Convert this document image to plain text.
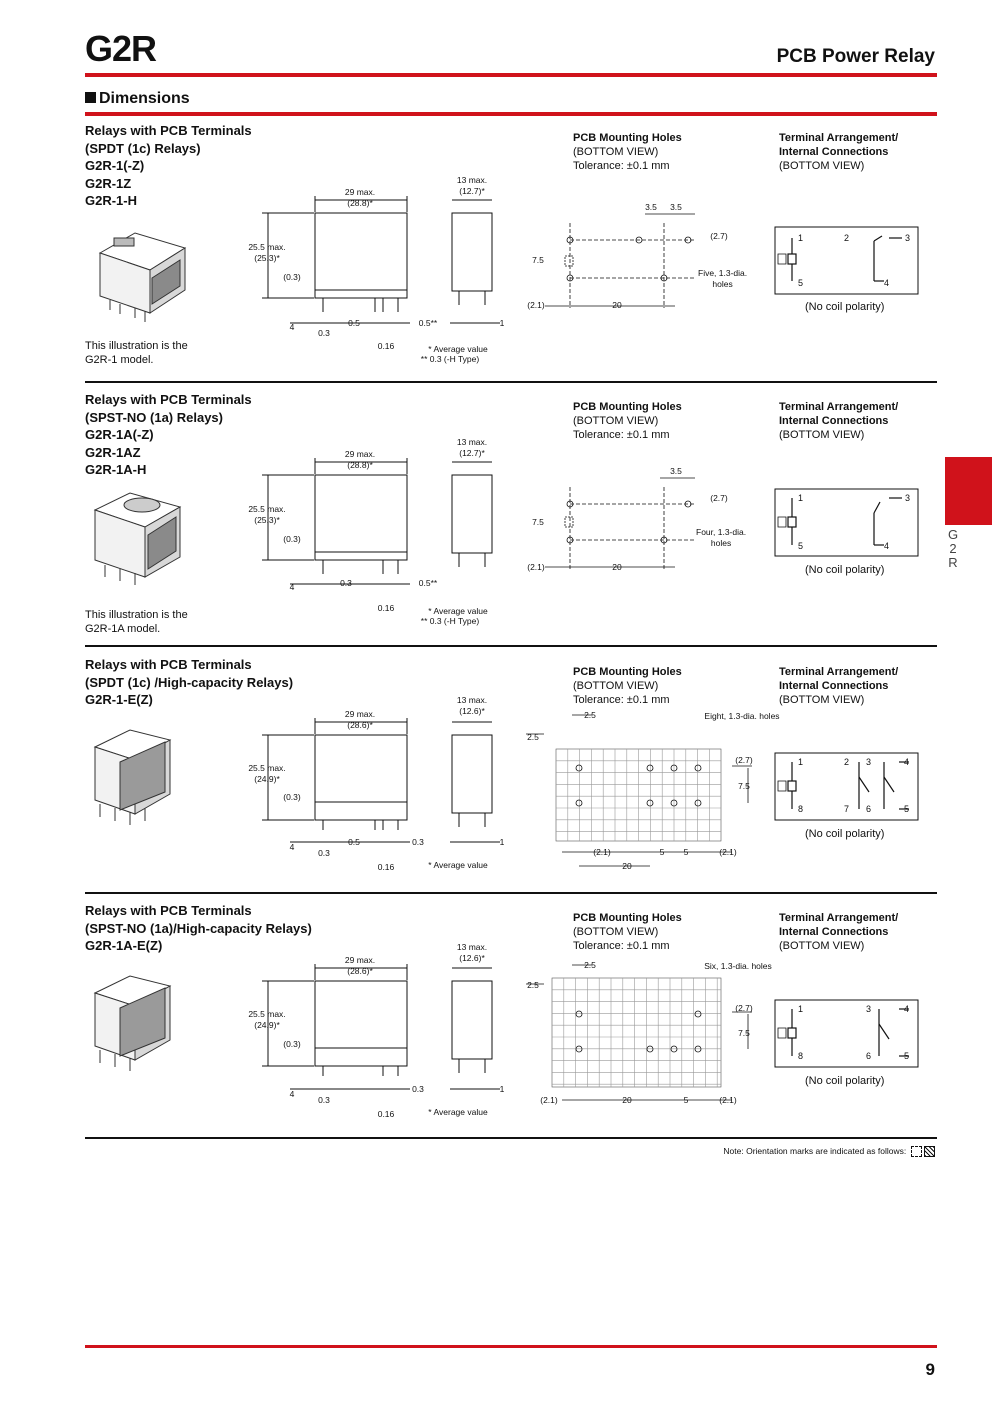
G2R	PCB Power Relay
Dimensions
G
2
R
Relays with PCB Terminals
(SPDT (1c) Relays)
G2R-1(-Z)
G2R-1Z
G2R-1-H
This illustration is the
G2R-1 model.
29 max.
(28.8)*
25.5 max.
(25.3)*
13 max.
(12.7)*
(0.3)
4
0.3
0.5	0.5**
0.16
1
* Average value
** 0.3 (-H Type)
PCB Mounting Holes
(BOTTOM VIEW)
Tolerance: ±0.1 mm
3.5 3.5
(2.7)
7.5
(2.1)	20
Five, 1.3-dia.
holes
Terminal Arrangement/
Internal Connections
(BOTTOM VIEW)
1	2	3
5	4
(No coil polarity)
Relays with PCB Terminals
(SPST-NO (1a) Relays)
G2R-1A(-Z)
G2R-1AZ
G2R-1A-H
This illustration is the
G2R-1A model.
29 max.
(28.8)*
25.5 max.
(25.3)*
13 max.
(12.7)*
(0.3)
4	0.3	0.5**
0.16	* Average value
** 0.3 (-H Type)
PCB Mounting Holes
(BOTTOM VIEW)
Tolerance: ±0.1 mm
3.5
(2.7)
7.5
(2.1)	20
Four, 1.3-dia.
holes
Terminal Arrangement/
Internal Connections
(BOTTOM VIEW)
1	3
5	4
(No coil polarity)
Relays with PCB Terminals
(SPDT (1c) /High-capacity Relays)
G2R-1-E(Z)
29 max.
(28.6)*
25.5 max.
(24.9)*
13 max.
(12.6)*
(0.3)
4
0.3
0.5	0.3
0.16
1
* Average value
PCB Mounting Holes
(BOTTOM VIEW)
Tolerance: ±0.1 mm
2.5
2.5
(2.7)
7.5
(2.1)	5 5	(2.1)
20
Eight, 1.3-dia. holes
Terminal Arrangement/
Internal Connections
(BOTTOM VIEW)
1	2 3	4
8	7 6	5
(No coil polarity)
Relays with PCB Terminals
(SPST-NO (1a)/High-capacity Relays)
G2R-1A-E(Z)
29 max.
(28.6)*
25.5 max.
(24.9)*
13 max.
(12.6)*
(0.3)
4
0.3
0.3
0.16
1
* Average value
PCB Mounting Holes
(BOTTOM VIEW)
Tolerance: ±0.1 mm
2.5
2.5
(2.7)
7.5
(2.1)	20	5	(2.1)
Six, 1.3-dia. holes
Terminal Arrangement/
Internal Connections
(BOTTOM VIEW)
1	3	4
8	6	5
(No coil polarity)
Note: Orientation marks are indicated as follows:
9
